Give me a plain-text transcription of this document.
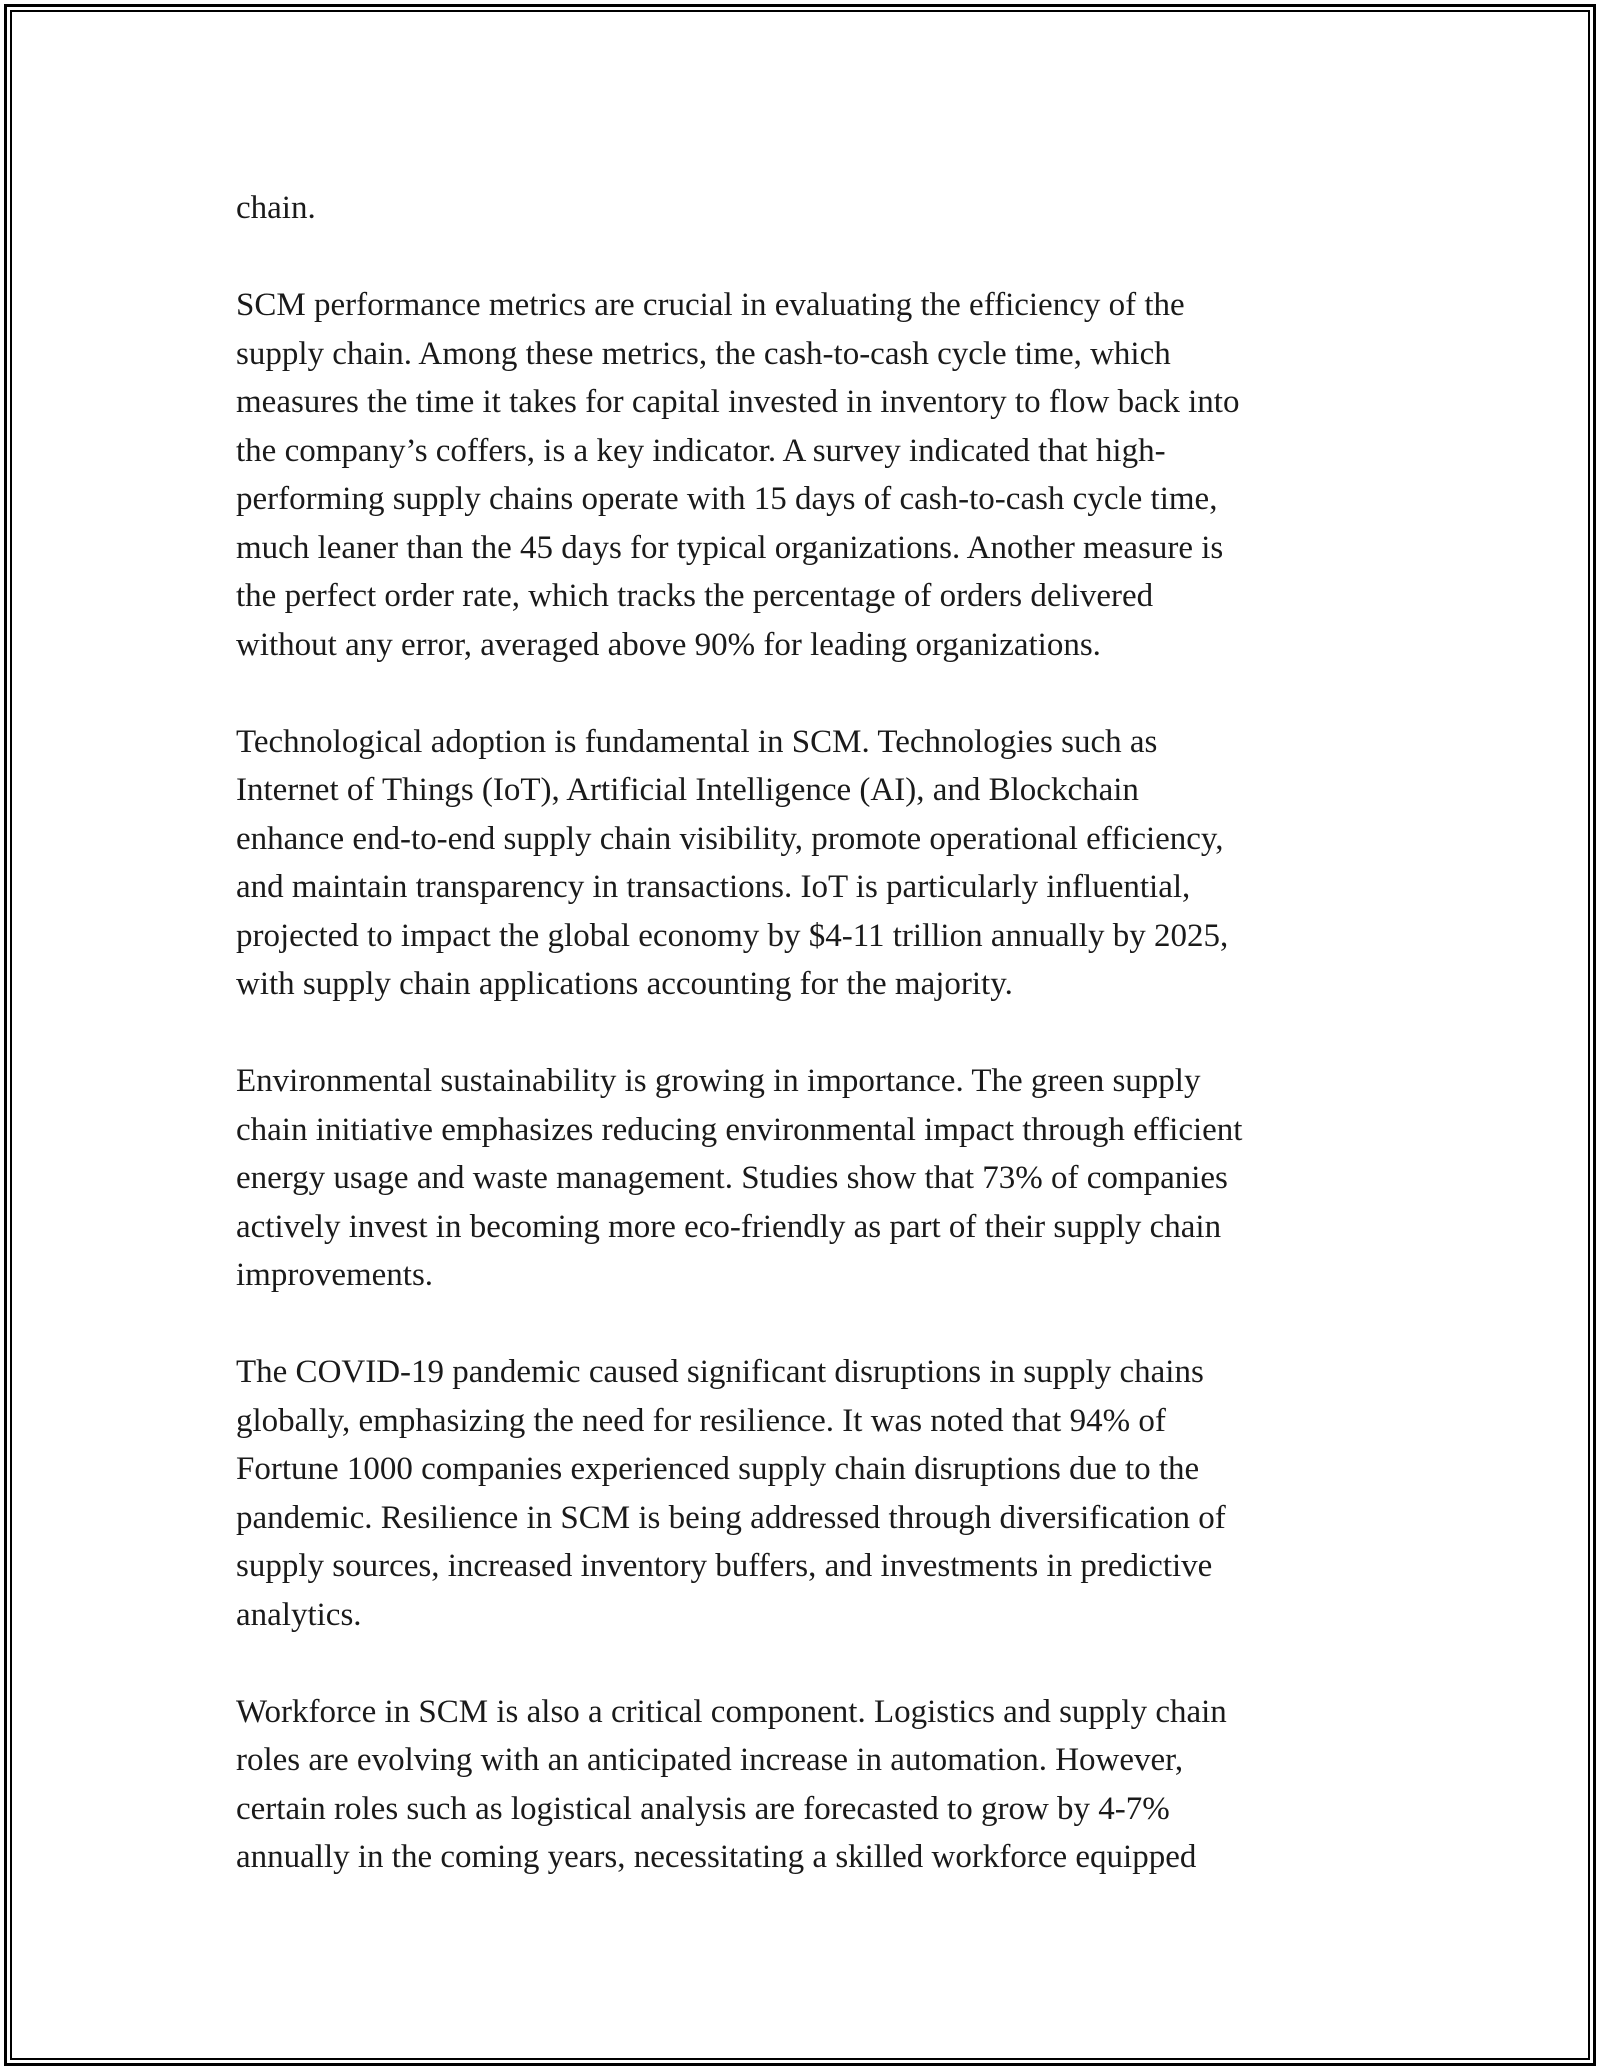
chain.

SCM performance metrics are crucial in evaluating the efficiency of the
supply chain. Among these metrics, the cash-to-cash cycle time, which
measures the time it takes for capital invested in inventory to flow back into
the company’s coffers, is a key indicator. A survey indicated that high-
performing supply chains operate with 15 days of cash-to-cash cycle time,
much leaner than the 45 days for typical organizations. Another measure is
the perfect order rate, which tracks the percentage of orders delivered
without any error, averaged above 90% for leading organizations.

Technological adoption is fundamental in SCM. Technologies such as
Internet of Things (IoT), Artificial Intelligence (AI), and Blockchain
enhance end-to-end supply chain visibility, promote operational efficiency,
and maintain transparency in transactions. IoT is particularly influential,
projected to impact the global economy by $4-11 trillion annually by 2025,
with supply chain applications accounting for the majority.

Environmental sustainability is growing in importance. The green supply
chain initiative emphasizes reducing environmental impact through efficient
energy usage and waste management. Studies show that 73% of companies
actively invest in becoming more eco-friendly as part of their supply chain
improvements.

The COVID-19 pandemic caused significant disruptions in supply chains
globally, emphasizing the need for resilience. It was noted that 94% of
Fortune 1000 companies experienced supply chain disruptions due to the
pandemic. Resilience in SCM is being addressed through diversification of
supply sources, increased inventory buffers, and investments in predictive
analytics.

Workforce in SCM is also a critical component. Logistics and supply chain
roles are evolving with an anticipated increase in automation. However,
certain roles such as logistical analysis are forecasted to grow by 4-7%
annually in the coming years, necessitating a skilled workforce equipped
